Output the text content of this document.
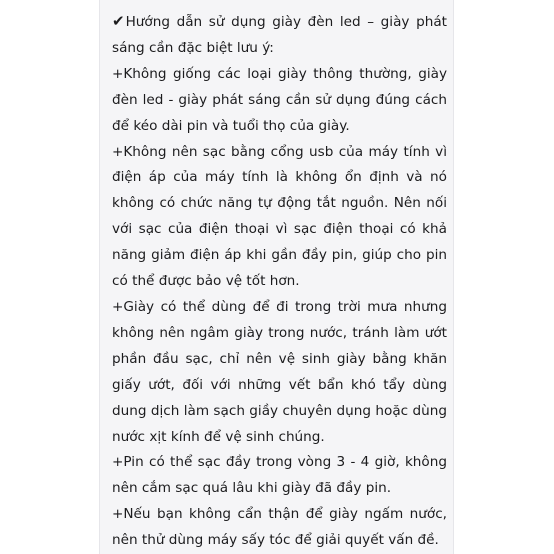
✔Hướng dẫn sử dụng giày đèn led – giày phát sáng cần đặc biệt lưu ý:

+Không giống các loại giày thông thường, giày đèn led - giày phát sáng cần sử dụng đúng cách để kéo dài pin và tuổi thọ của giày.

+Không nên sạc bằng cổng usb của máy tính vì điện áp của máy tính là không ổn định và nó không có chức năng tự động tắt nguồn. Nên nối với sạc của điện thoại vì sạc điện thoại có khả năng giảm điện áp khi gần đầy pin, giúp cho pin có thể được bảo vệ tốt hơn.

+Giày có thể dùng để đi trong trời mưa nhưng không nên ngâm giày trong nước, tránh làm ướt phần đầu sạc, chỉ nên vệ sinh giày bằng khăn giấy ướt, đối với những vết bẩn khó tẩy dùng dung dịch làm sạch giầy chuyên dụng hoặc dùng nước xịt kính để vệ sinh chúng.

+Pin có thể sạc đầy trong vòng 3 - 4 giờ, không nên cắm sạc quá lâu khi giày đã đầy pin.

+Nếu bạn không cẩn thận để giày ngấm nước, nên thử dùng máy sấy tóc để giải quyết vấn đề.
